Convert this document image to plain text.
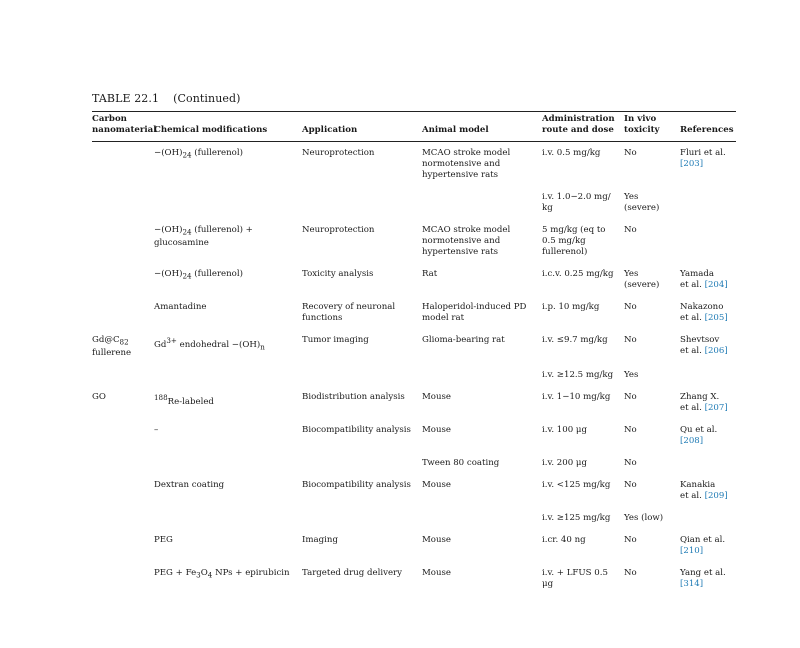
TABLE 22.1 (Continued)
Carbon
nanomaterial	Chemical modifications	Application	Animal model	Administration
route and dose	In vivo
toxicity	References

	$-(OH)_{24}$ (fullerenol)	Neuroprotection	MCAO stroke model
normotensive and
hypertensive rats	i.v. 0.5 mg/kg	No	Fluri et al.
[203]
				i.v. 1.0−2.0 mg/
kg	Yes (severe)	
	$-(OH)_{24}$ (fullerenol) +
glucosamine	Neuroprotection	MCAO stroke model
normotensive and
hypertensive rats	5 mg/kg (eq to
0.5 mg/kg
fullerenol)	No	
	$-(OH)_{24}$ (fullerenol)	Toxicity analysis	Rat	i.c.v. 0.25 mg/kg	Yes (severe)	Yamada
et al. [204]
	Amantadine	Recovery of neuronal functions	Haloperidol-induced PD
model rat	i.p. 10 mg/kg	No	Nakazono
et al. [205]
$Gd@C_{82}$
fullerene	$Gd^{3+}$ endohedral $-(OH)_n$	Tumor imaging	Glioma-bearing rat	i.v. ≤9.7 mg/kg	No	Shevtsov
et al. [206]
				i.v. ≥12.5 mg/kg	Yes	
GO	$^{188}$Re-labeled	Biodistribution analysis	Mouse	i.v. 1−10 mg/kg	No	Zhang X.
et al. [207]
	–	Biocompatibility analysis	Mouse	i.v. 100 μg	No	Qu et al.
[208]
			Tween 80 coating	i.v. 200 μg	No	
	Dextran coating	Biocompatibility analysis	Mouse	i.v. <125 mg/kg	No	Kanakia
et al. [209]
				i.v. ≥125 mg/kg	Yes (low)	
	PEG	Imaging	Mouse	i.cr. 40 ng	No	Qian et al.
[210]
	PEG + $Fe_3O_4$ NPs + epirubicin	Targeted drug delivery	Mouse	i.v. + LFUS 0.5 μg	No	Yang et al.
[314]
